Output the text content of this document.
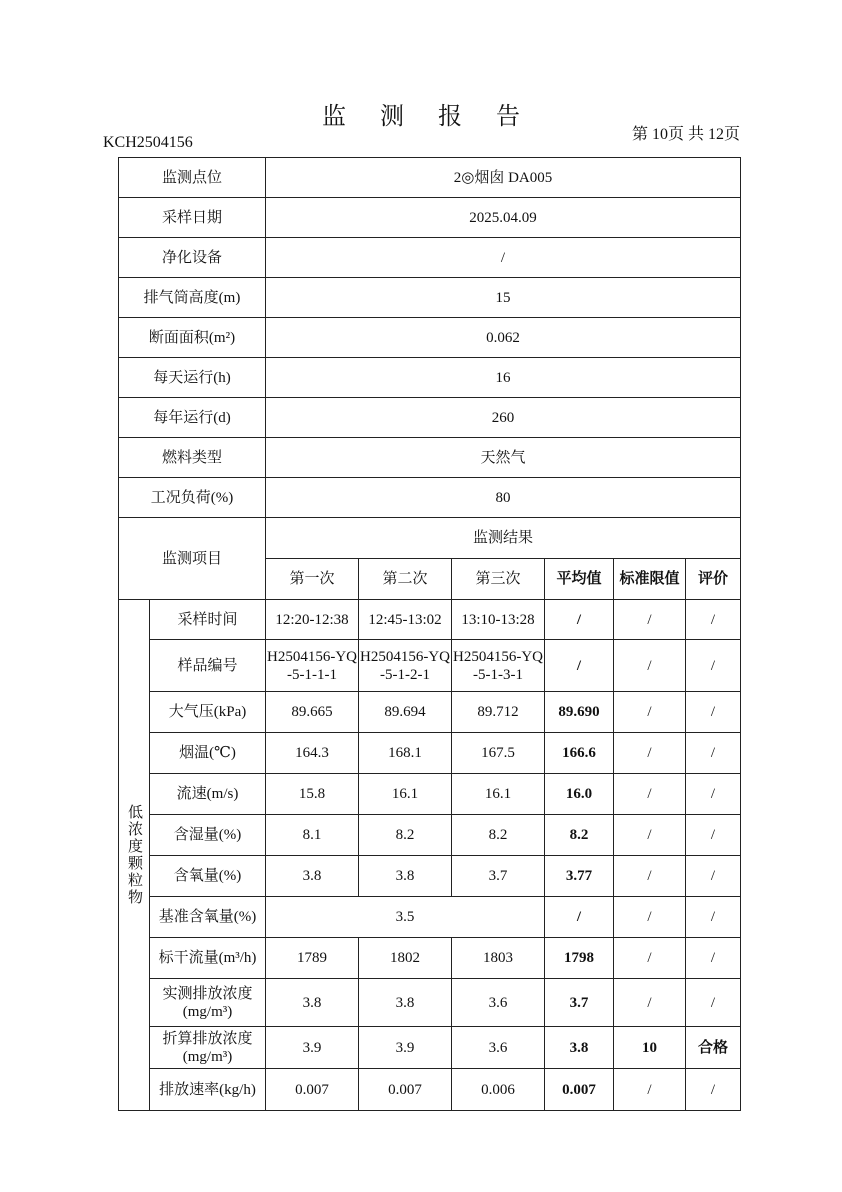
监 测 报 告
KCH2504156	第 10页 共 12页
监测点位		2◎烟囱 DA005					
采样日期		2025.04.09					
净化设备		/					
排气筒高度(m)		15					
断面面积(m²)		0.062					
每天运行(h)		16					
每年运行(d)		260					
燃料类型		天然气					
工况负荷(%)		80					
监测项目		监测结果					
		第一次	第二次	第三次	平均值	标准限值	评价

低浓度颗粒物	采样时间	12:20-12:38	12:45-13:02	13:10-13:28	/	/	/
	样品编号	H2504156-YQ-5-1-1-1	H2504156-YQ-5-1-2-1	H2504156-YQ-5-1-3-1	/	/	/
	大气压(kPa)	89.665	89.694	89.712	89.690	/	/
	烟温(℃)	164.3	168.1	167.5	166.6	/	/
	流速(m/s)	15.8	16.1	16.1	16.0	/	/
	含湿量(%)	8.1	8.2	8.2	8.2	/	/
	含氧量(%)	3.8	3.8	3.7	3.77	/	/
	基准含氧量(%)	3.5			/	/	/
	标干流量(m³/h)	1789	1802	1803	1798	/	/
	实测排放浓度(mg/m³)	3.8	3.8	3.6	3.7	/	/
	折算排放浓度(mg/m³)	3.9	3.9	3.6	3.8	10	合格
	排放速率(kg/h)	0.007	0.007	0.006	0.007	/	/
